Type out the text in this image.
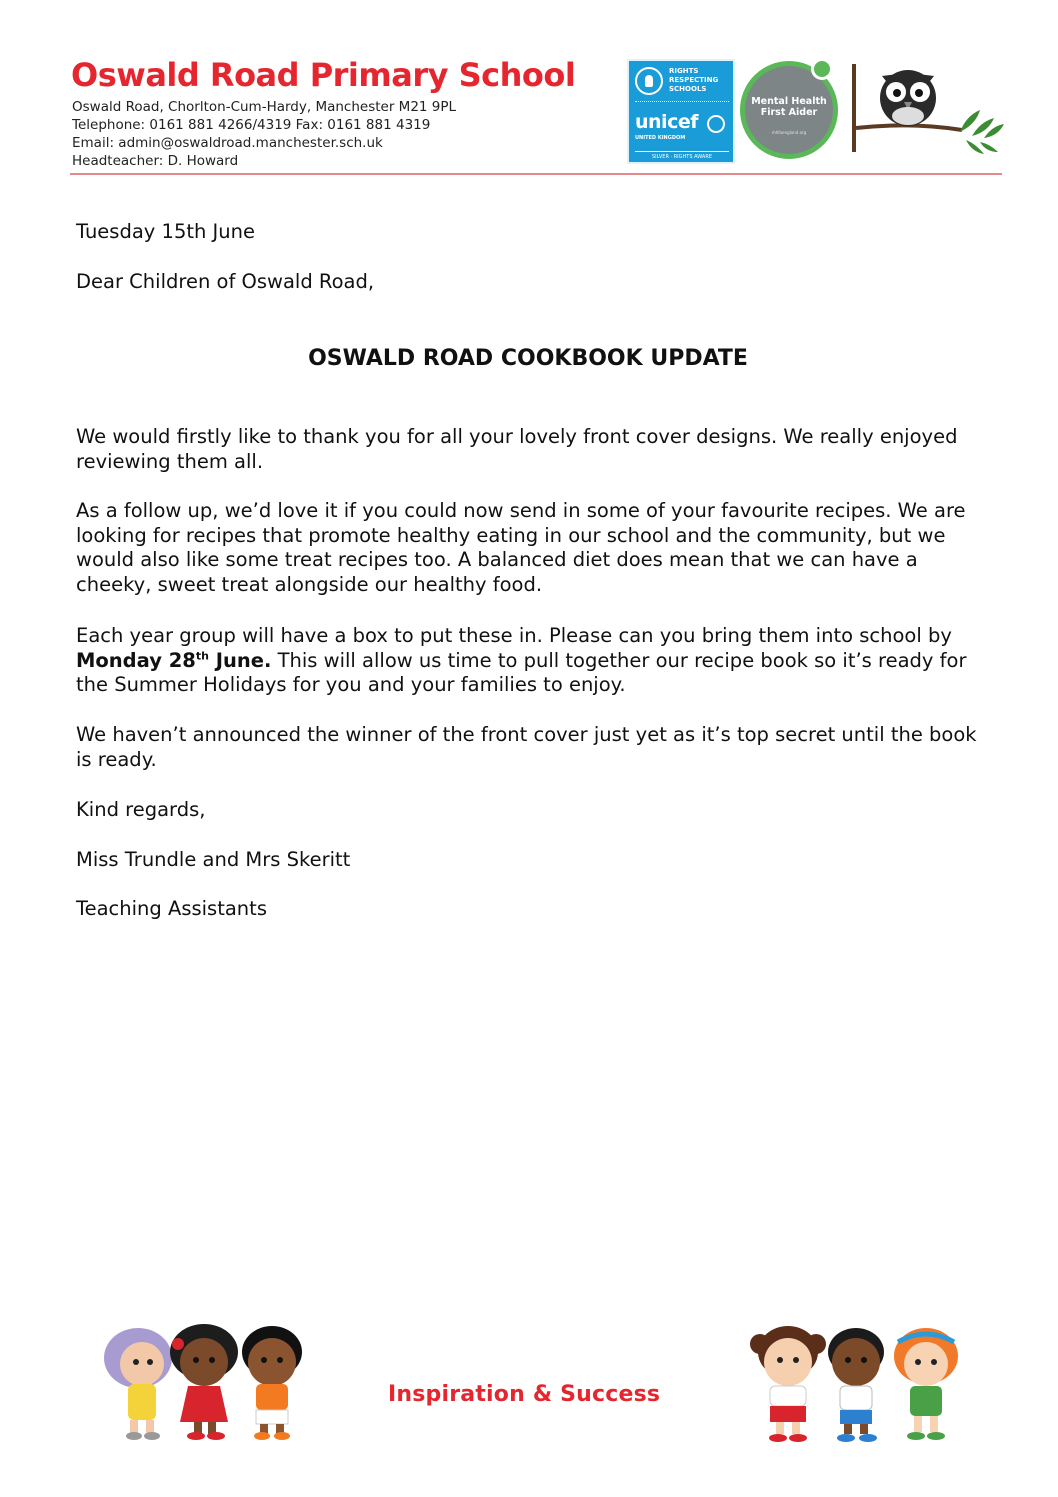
Oswald Road Primary School
Oswald Road, Chorlton-Cum-Hardy, Manchester M21 9PL
Telephone: 0161 881 4266/4319 Fax: 0161 881 4319
Email: admin@oswaldroad.manchester.sch.uk
Headteacher: D. Howard
RIGHTS
RESPECTING
SCHOOLS
unicef
UNITED KINGDOM
SILVER · RIGHTS AWARE
Mental Health
First Aider
mhfaengland.org
Tuesday 15th June
Dear Children of Oswald Road,
OSWALD ROAD COOKBOOK UPDATE

We would firstly like to thank you for all your lovely front cover designs. We really enjoyed reviewing them all.

As a follow up, we’d love it if you could now send in some of your favourite recipes. We are looking for recipes that promote healthy eating in our school and the community, but we would also like some treat recipes too. A balanced diet does mean that we can have a cheeky, sweet treat alongside our healthy food.

Each year group will have a box to put these in. Please can you bring them into school by Monday 28th June. This will allow us time to pull together our recipe book so it’s ready for the Summer Holidays for you and your families to enjoy.

We haven’t announced the winner of the front cover just yet as it’s top secret until the book is ready.

Kind regards,
Miss Trundle and Mrs Skeritt
Teaching Assistants
Inspiration & Success
